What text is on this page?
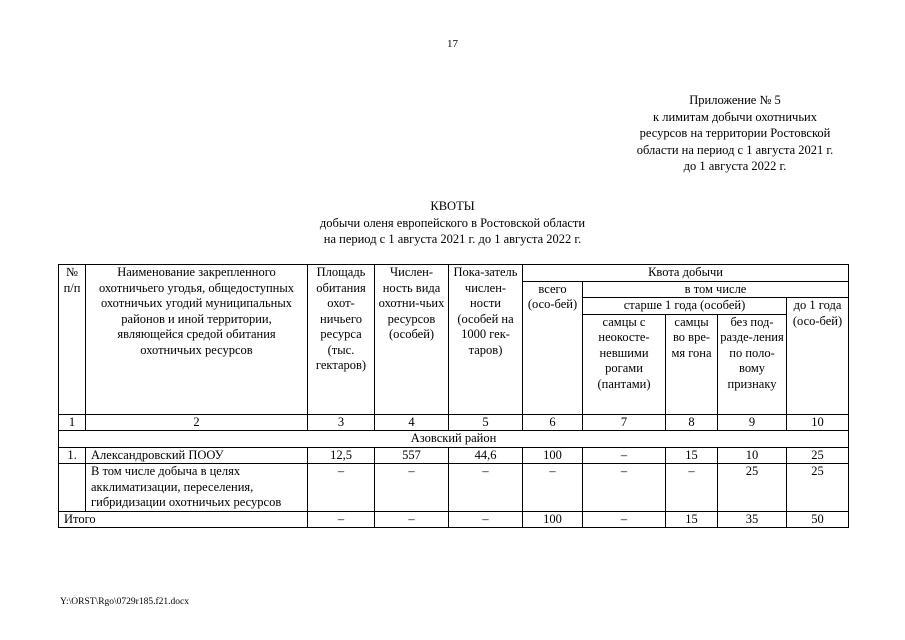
17
Приложение № 5
к лимитам добычи охотничьих
ресурсов на территории Ростовской
области на период с 1 августа 2021 г.
до 1 августа 2022 г.
КВОТЫ
добычи оленя европейского в Ростовской области
на период с 1 августа 2021 г. до 1 августа 2022 г.
№ п/п	Наименование закрепленного охотничьего угодья, общедоступных охотничьих угодий муниципальных районов и иной территории, являющейся средой обитания охотничьих ресурсов	Площадь обитания охот-ничьего ресурса (тыс. гектаров)	Числен-ность вида охотни-чьих ресурсов (особей)	Пока-затель числен-ности (особей на 1000 гек-таров)	Квота добычи				
					всего (осо-бей)	в том числе			
						старше 1 года (особей)			до 1 года (осо-бей)
						самцы с неокосте-невшими рогами (пантами)	самцы во вре-мя гона	без под-разде-ления по поло-вому признаку	
1	2	3	4	5	6	7	8	9	10
Азовский район									
1.	Александровский ПООУ	12,5	557	44,6	100	–	15	10	25
	В том числе добыча в целях акклиматизации, переселения, гибридизации охотничьих ресурсов	–	–	–	–	–	–	25	25
Итого		–	–	–	100	–	15	35	50
Y:\ORST\Rgo\0729r185.f21.docx
